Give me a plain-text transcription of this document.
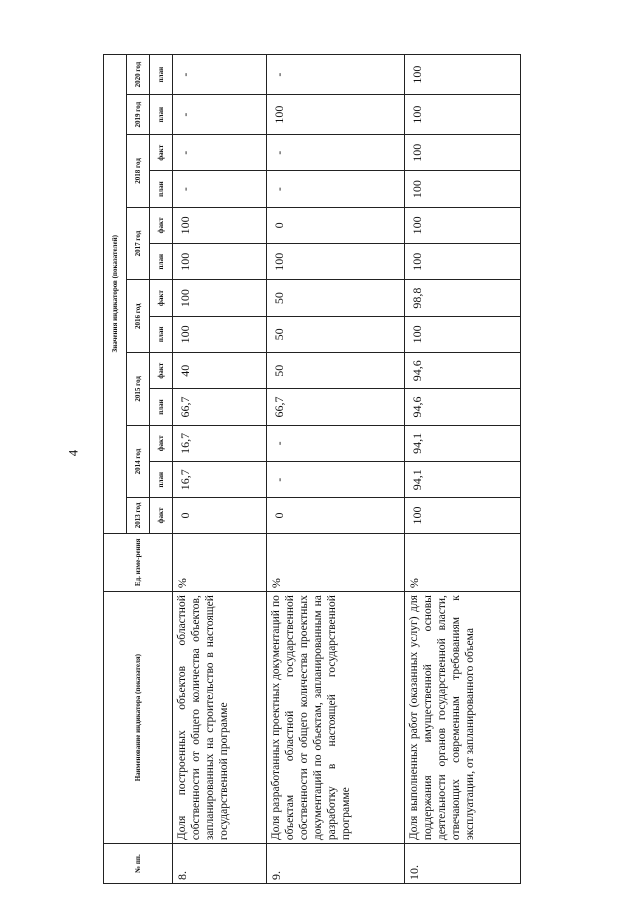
4
№ пп.	Наименование индикатора (показателя)	Ед. изме-рения	Значения индикаторов (показателей)												
			2013 год	2014 год		2015 год		2016 год		2017 год		2018 год		2019 год	2020 год
			факт	план	факт	план	факт	план	факт	план	факт	план	факт	план	план
8.	Доля построенных объектов областной собственности от общего количества объектов, запланированных на строительство в настоящей государственной программе	%	0	16,7	16,7	66,7	40	100	100	100	100	-	-	-	-
9.	Доля разработанных проектных документаций по объектам областной государственной собственности от общего количества проектных документаций по объектам, запланированным на разработку в настоящей государственной программе	%	0	-	-	66,7	50	50	50	100	0	-	-	100	-
10.	Доля выполненных работ (оказанных услуг) для поддержания имущественной основы деятельности органов государственной власти, отвечающих современным требованиям к эксплуатации, от запланированного объема	%	100	94,1	94,1	94,6	94,6	100	98,8	100	100	100	100	100	100
